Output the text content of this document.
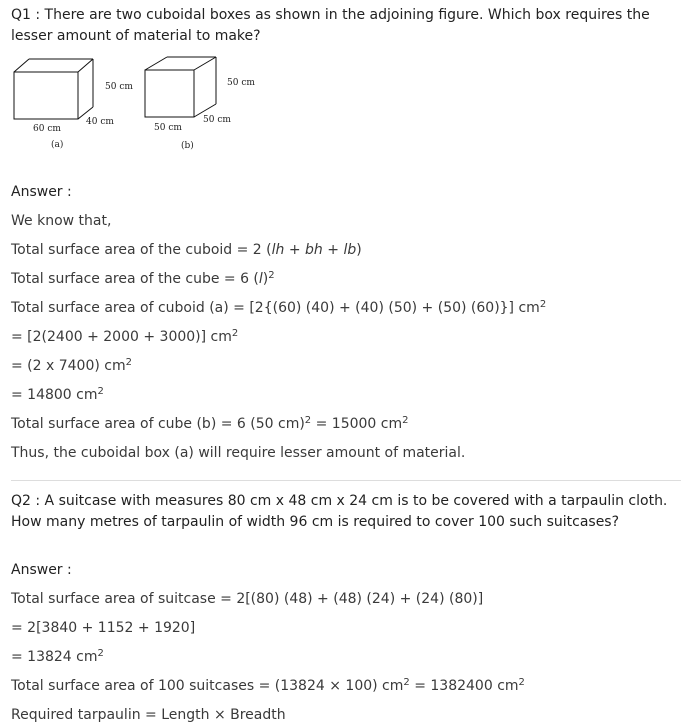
Q1 : There are two cuboidal boxes as shown in the adjoining figure. Which box requires the lesser amount of material to make?
50 cm
40 cm
60 cm
(a)
50 cm
50 cm
50 cm
(b)
Answer :
We know that,
Total surface area of the cuboid = 2 (lh + bh + lb)
Total surface area of the cube = 6 $(l)^2$
Total surface area of cuboid (a) = [2{(60) (40) + (40) (50) + (50) (60)}] $cm^2$
= [2(2400 + 2000 + 3000)] $cm^2$
= (2 x 7400) $cm^2$
= 14800 $cm^2$
Total surface area of cube (b) = 6 (50 cm)$^2$ = 15000 $cm^2$
Thus, the cuboidal box (a) will require lesser amount of material.
Q2 : A suitcase with measures 80 cm x 48 cm x 24 cm is to be covered with a tarpaulin cloth. How many metres of tarpaulin of width 96 cm is required to cover 100 such suitcases?
Answer :
Total surface area of suitcase = 2[(80) (48) + (48) (24) + (24) (80)]
= 2[3840 + 1152 + 1920]
= 13824 $cm^2$
Total surface area of 100 suitcases = (13824 × 100) $cm^2 = 1382400$ $cm^2$
Required tarpaulin = Length × Breadth
